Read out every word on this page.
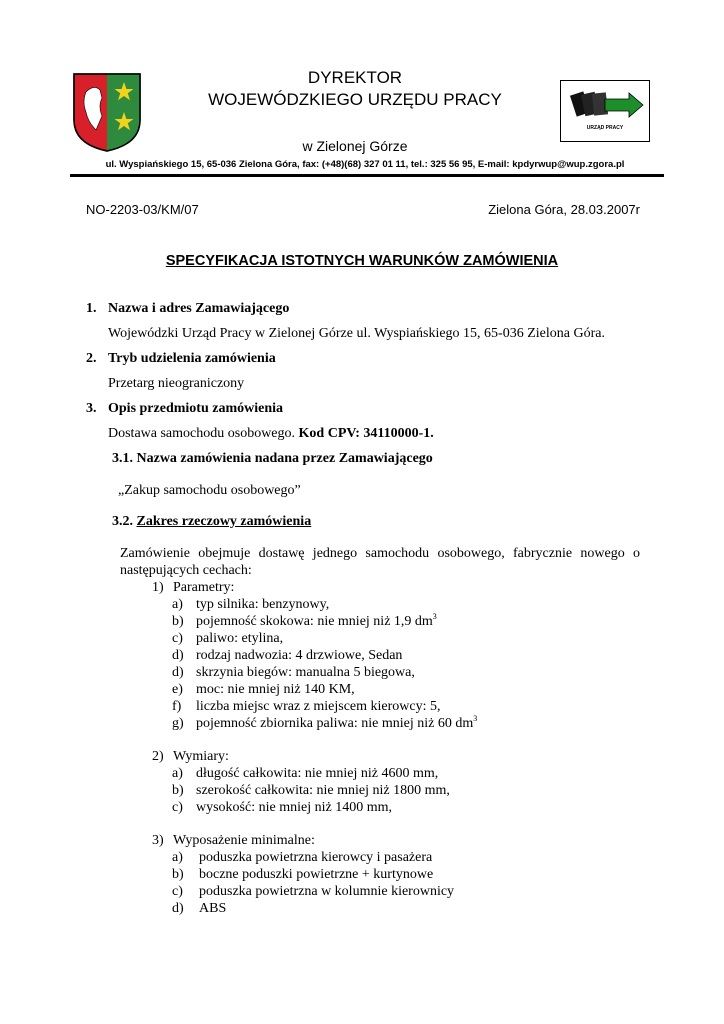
DYREKTOR
WOJEWÓDZKIEGO URZĘDU PRACY
w Zielonej Górze
URZĄD PRACY
ul. Wyspiańskiego 15, 65-036 Zielona Góra, fax: (+48)(68) 327 01 11, tel.: 325 56 95, E-mail: kpdyrwup@wup.zgora.pl
NO-2203-03/KM/07	Zielona Góra, 28.03.2007r
SPECYFIKACJA ISTOTNYCH WARUNKÓW ZAMÓWIENIA
1. Nazwa i adres Zamawiającego
Wojewódzki Urząd Pracy w Zielonej Górze ul. Wyspiańskiego 15, 65-036 Zielona Góra.
2. Tryb udzielenia zamówienia
Przetarg nieograniczony
3. Opis przedmiotu zamówienia
Dostawa samochodu osobowego. Kod CPV: 34110000-1.
3.1. Nazwa zamówienia nadana przez Zamawiającego
„Zakup samochodu osobowego”
3.2. Zakres rzeczowy zamówienia
Zamówienie obejmuje dostawę jednego samochodu osobowego, fabrycznie nowego o
następujących cechach:
1) Parametry:
a) typ silnika: benzynowy,
b) pojemność skokowa: nie mniej niż 1,9 $dm^3$
c) paliwo: etylina,
d) rodzaj nadwozia: 4 drzwiowe, Sedan
d) skrzynia biegów: manualna 5 biegowa,
e) moc: nie mniej niż 140 KM,
f) liczba miejsc wraz z miejscem kierowcy: 5,
g) pojemność zbiornika paliwa: nie mniej niż 60 $dm^3$
2) Wymiary:
a) długość całkowita: nie mniej niż 4600 mm,
b) szerokość całkowita: nie mniej niż 1800 mm,
c) wysokość: nie mniej niż 1400 mm,
3) Wyposażenie minimalne:
a) poduszka powietrzna kierowcy i pasażera
b) boczne poduszki powietrzne + kurtynowe
c) poduszka powietrzna w kolumnie kierownicy
d) ABS
